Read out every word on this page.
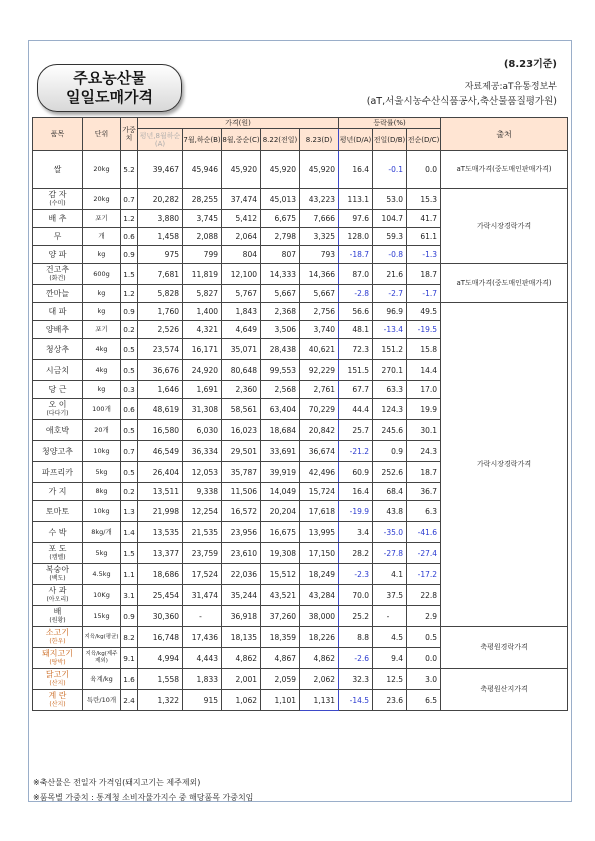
주요농산물
일일도매가격
(8.23기준)
자료제공:aT유통정보부
(aT,서울시농수산식품공사,축산물품질평가원)
품목	단위	가중치	가격(원)					등락률(%)			출처
			평년,8월하순(A)	7월,하순(B)	8월,중순(C)	8.22(전일)	8.23(D)	평년(D/A)	전일(D/B)	전순(D/C)	

쌀	20kg	5.2	39,467	45,946	45,920	45,920	45,920	16.4	-0.1	0.0	aT도매가격(중도매인판매가격)

감 자
(수미)	20kg	0.7	20,282	28,255	37,474	45,013	43,223	113.1	53.0	15.3	가락시장경락가격

배 추	포기	1.2	3,880	3,745	5,412	6,675	7,666	97.6	104.7	41.7	

무	개	0.6	1,458	2,088	2,064	2,798	3,325	128.0	59.3	61.1	

양 파	kg	0.9	975	799	804	807	793	-18.7	-0.8	-1.3	

건고추
(화건)	600g	1.5	7,681	11,819	12,100	14,333	14,366	87.0	21.6	18.7	aT도매가격(중도매인판매가격)

깐마늘	kg	1.2	5,828	5,827	5,767	5,667	5,667	-2.8	-2.7	-1.7	

대 파	kg	0.9	1,760	1,400	1,843	2,368	2,756	56.6	96.9	49.5	가락시장경락가격

양배추	포기	0.2	2,526	4,321	4,649	3,506	3,740	48.1	-13.4	-19.5	

청상추	4kg	0.5	23,574	16,171	35,071	28,438	40,621	72.3	151.2	15.8	

시금치	4kg	0.5	36,676	24,920	80,648	99,553	92,229	151.5	270.1	14.4	

당 근	kg	0.3	1,646	1,691	2,360	2,568	2,761	67.7	63.3	17.0	

오 이
(다다기)	100개	0.6	48,619	31,308	58,561	63,404	70,229	44.4	124.3	19.9	

애호박	20개	0.5	16,580	6,030	16,023	18,684	20,842	25.7	245.6	30.1	

청양고추	10kg	0.7	46,549	36,334	29,501	33,691	36,674	-21.2	0.9	24.3	

파프리카	5kg	0.5	26,404	12,053	35,787	39,919	42,496	60.9	252.6	18.7	

가 지	8kg	0.2	13,511	9,338	11,506	14,049	15,724	16.4	68.4	36.7	

토마토	10kg	1.3	21,998	12,254	16,572	20,204	17,618	-19.9	43.8	6.3	

수 박	8kg/개	1.4	13,535	21,535	23,956	16,675	13,995	3.4	-35.0	-41.6	

포 도
(캠벨)	5kg	1.5	13,377	23,759	23,610	19,308	17,150	28.2	-27.8	-27.4	

복숭아
(백도)	4.5kg	1.1	18,686	17,524	22,036	15,512	18,249	-2.3	4.1	-17.2	

사 과
(아오리)	10Kg	3.1	25,454	31,474	35,244	43,521	43,284	70.0	37.5	22.8	

배
(원황)	15kg	0.9	30,360	-	36,918	37,260	38,000	25.2	-	2.9	

소고기
(한우)	지육/kg(평균)	8.2	16,748	17,436	18,135	18,359	18,226	8.8	4.5	0.5	축평원경락가격

돼지고기
(탕박)	지육/kg(제주제외)	9.1	4,994	4,443	4,862	4,867	4,862	-2.6	9.4	0.0	

닭고기
(산지)	육계/kg	1.6	1,558	1,833	2,001	2,059	2,062	32.3	12.5	3.0	축평원산지가격

계 란
(산지)	특란/10개	2.4	1,322	915	1,062	1,101	1,131	-14.5	23.6	6.5	
※축산물은 전일자 가격임(돼지고기는 제주제외)
※품목별 가중치 : 통계청 소비자물가지수 중 해당품목 가중치임
